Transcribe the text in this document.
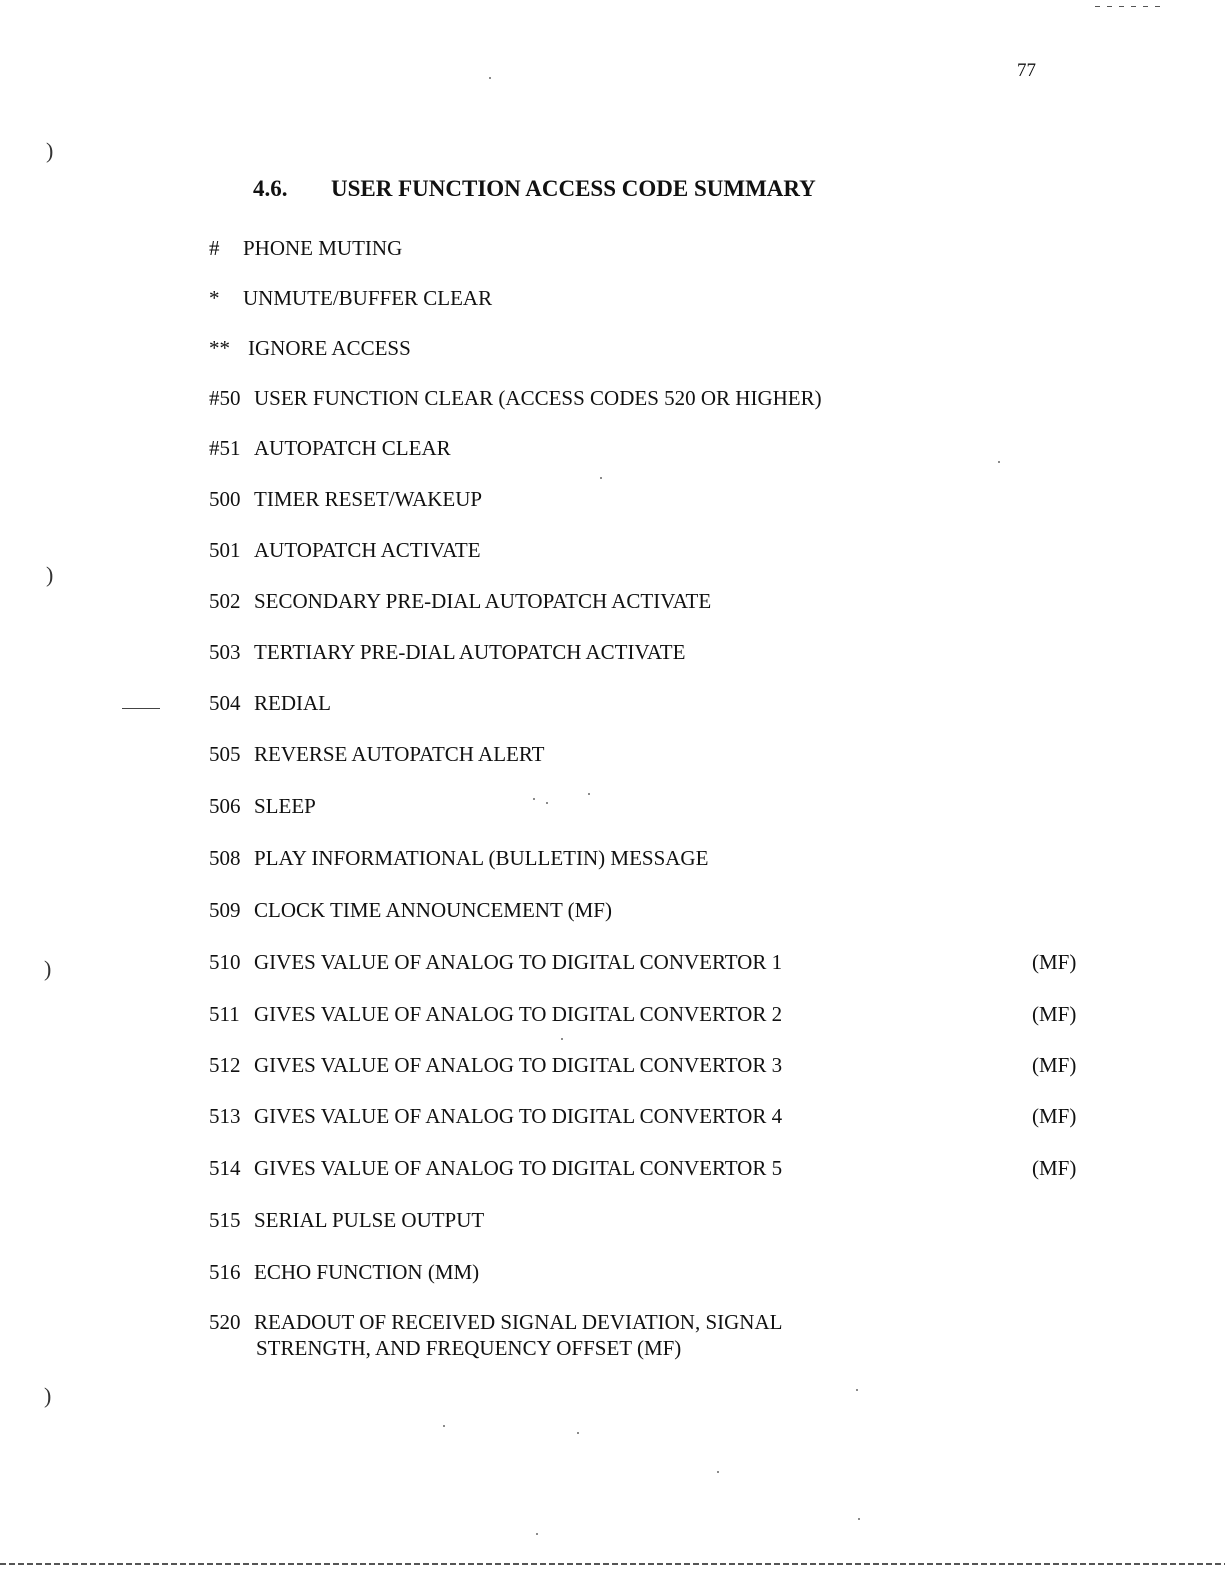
77
4.6. USER FUNCTION ACCESS CODE SUMMARY
# PHONE MUTING
* UNMUTE/BUFFER CLEAR
** IGNORE ACCESS
#50 USER FUNCTION CLEAR (ACCESS CODES 520 OR HIGHER)
#51 AUTOPATCH CLEAR
500 TIMER RESET/WAKEUP
501 AUTOPATCH ACTIVATE
502 SECONDARY PRE-DIAL AUTOPATCH ACTIVATE
503 TERTIARY PRE-DIAL AUTOPATCH ACTIVATE
504 REDIAL
505 REVERSE AUTOPATCH ALERT
506 SLEEP
508 PLAY INFORMATIONAL (BULLETIN) MESSAGE
509 CLOCK TIME ANNOUNCEMENT (MF)
510 GIVES VALUE OF ANALOG TO DIGITAL CONVERTOR 1	(MF)
511 GIVES VALUE OF ANALOG TO DIGITAL CONVERTOR 2	(MF)
512 GIVES VALUE OF ANALOG TO DIGITAL CONVERTOR 3	(MF)
513 GIVES VALUE OF ANALOG TO DIGITAL CONVERTOR 4	(MF)
514 GIVES VALUE OF ANALOG TO DIGITAL CONVERTOR 5	(MF)
515 SERIAL PULSE OUTPUT
516 ECHO FUNCTION (MM)
520 READOUT OF RECEIVED SIGNAL DEVIATION, SIGNAL
STRENGTH, AND FREQUENCY OFFSET (MF)
)
)
)
)
